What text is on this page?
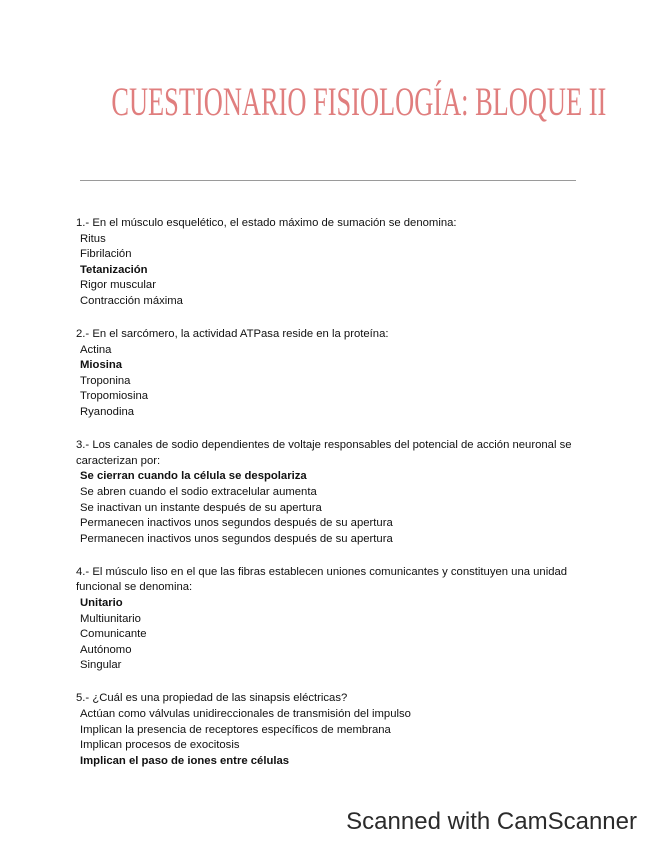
CUESTIONARIO FISIOLOGÍA: BLOQUE II

1.- En el músculo esquelético, el estado máximo de sumación se denomina:

Ritus
Fibrilación
Tetanización
Rigor muscular
Contracción máxima

2.- En el sarcómero, la actividad ATPasa reside en la proteína:

Actina
Miosina
Troponina
Tropomiosina
Ryanodina

3.- Los canales de sodio dependientes de voltaje responsables del potencial de acción neuronal se caracterizan por:

Se cierran cuando la célula se despolariza
Se abren cuando el sodio extracelular aumenta
Se inactivan un instante después de su apertura
Permanecen inactivos unos segundos después de su apertura
Permanecen inactivos unos segundos después de su apertura

4.- El músculo liso en el que las fibras establecen uniones comunicantes y constituyen una unidad funcional se denomina:

Unitario
Multiunitario
Comunicante
Autónomo
Singular

5.- ¿Cuál es una propiedad de las sinapsis eléctricas?

Actúan como válvulas unidireccionales de transmisión del impulso
Implican la presencia de receptores específicos de membrana
Implican procesos de exocitosis
Implican el paso de iones entre células
Scanned with CamScanner
